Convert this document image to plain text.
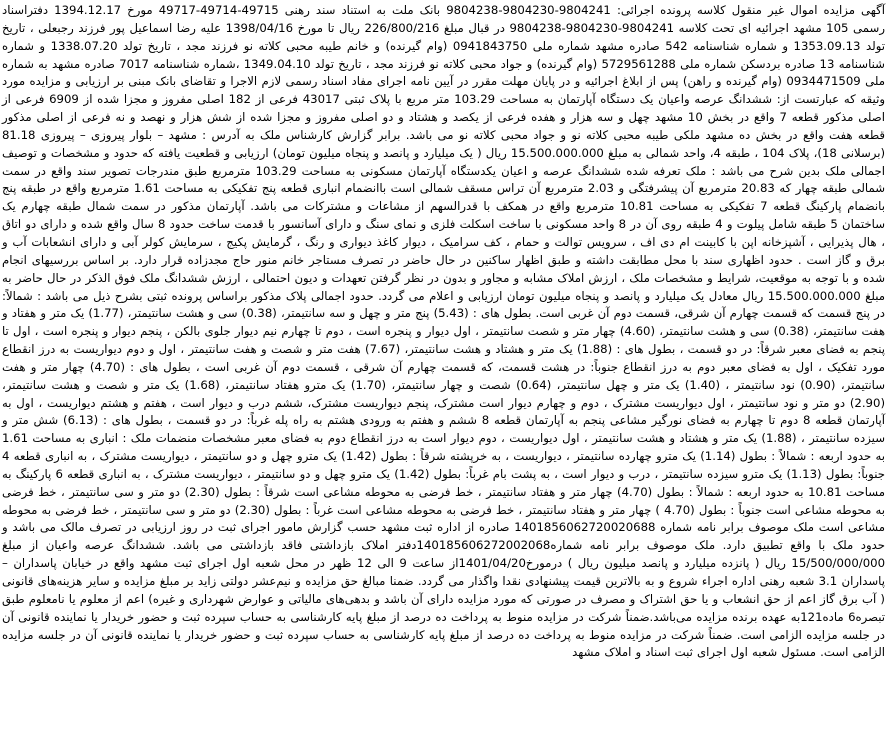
آگهی مزایده اموال غیر منقول کلاسه پرونده اجرائی: 9804241-9804230-9804238 بانک ملت به استناد سند رهنی 49715-49714-49717 مورخ 1394.12.17 دفتراسناد رسمی 105 مشهد اجرائیه ای تحت کلاسه 9804241-9804230-9804238 در قبال مبلغ 226/800/216 ریال تا مورخ 1398/04/16 علیه رضا اسماعیل پور فرزند رجبعلی ، تاریخ تولد 1353.09.13 و شماره شناسنامه 542 صادره مشهد شماره ملی 0941843750 (وام گیرنده) و خانم طیبه محبی کلاته نو فرزند مجد ، تاریخ تولد 1338.07.20 و شماره شناسنامه 13 صادره بردسکن شماره ملی 5729561288 (وام گیرنده) و جواد محبی کلاته نو فرزند مجد ، تاریخ تولد 1349.04.10 ،شماره شناسنامه 7017 صادره مشهد به شماره ملی 0934471509 (وام گیرنده و راهن) پس از ابلاغ اجرائیه و در پایان مهلت مقرر در آیین نامه اجرای مفاد اسناد رسمی لازم الاجرا و تقاضای بانک مبنی بر ارزیابی و مزایده مورد وثیقه که عبارتست از: ششدانگ عرصه واعیان یک دستگاه آپارتمان به مساحت 103.29 متر مربع با پلاک ثبتی 43017 فرعی از 182 اصلی مفروز و مجزا شده از 6909 فرعی از اصلی مذکور قطعه 7 واقع در بخش 10 مشهد چهل و سه هزار و هفده فرعی از یکصد و هشتاد و دو اصلی مفروز و مجزا شده از شش هزار و نهصد و نه فرعی از اصلی مذکور قطعه هفت واقع در بخش ده مشهد ملکی طیبه محبی کلاته نو و جواد محبی کلاته نو می باشد. برابر گزارش کارشناس ملک به آدرس : مشهد – بلوار پیروزی – پیروزی 81.18 (برسلانی 18)، پلاک 104 ، طبقه 4، واحد شمالی به مبلغ 15.500.000.000 ریال ( یک میلیارد و پانصد و پنجاه میلیون تومان) ارزیابی و قطعیت یافته که حدود و مشخصات و توصیف اجمالی ملک بدین شرح می باشد : ملک تعرفه شده ششدانگ عرصه و اعیان یکدستگاه آپارتمان مسکونی به مساحت 103.29 مترمربع طبق مندرجات تصویر سند واقع در سمت شمالی طبقه چهار که 20.83 مترمربع آن پیشرفتگی و 2.03 مترمربع آن تراس مسقف شمالی است باانضمام انباری قطعه پنج تفکیکی به مساحت 1.61 مترمربع واقع در طبقه پنج بانضمام پارکینگ قطعه 7 تفکیکی به مساحت 10.81 مترمربع واقع در همکف با قدرالسهم از مشاعات و مشترکات می باشد. آپارتمان مذکور در سمت شمال طبقه چهارم یک ساختمان 5 طبقه شامل پیلوت و 4 طبقه روی آن در 8 واحد مسکونی با ساخت اسکلت فلزی و نمای سنگ و دارای آسانسور با قدمت ساخت حدود 8 سال واقع شده و دارای دو اتاق ، هال پذیرایی ، آشپزخانه اپن با کابینت ام دی اف ، سرویس توالت و حمام ، کف سرامیک ، دیوار کاغذ دیواری و رنگ ، گرمایش پکیج ، سرمایش کولر آبی و دارای انشعابات آب و برق و گاز است . حدود اظهاری سند با محل مطابقت داشته و طبق اظهار ساکنین در حال حاضر در تصرف مستاجر خانم منور حاج مجدزاده قرار دارد. بر اساس بررسیهای انجام شده و با توجه به موقعیت، شرایط و مشخصات ملک ، ارزش املاک مشابه و مجاور و بدون در نظر گرفتن تعهدات و دیون احتمالی ، ارزش ششدانگ ملک فوق الذکر در حال حاضر به مبلغ 15.500.000.000 ریال معادل یک میلیارد و پانصد و پنجاه میلیون تومان ارزیابی و اعلام می گردد. حدود اجمالی پلاک مذکور براساس پرونده ثبتی بشرح ذیل می باشد : شمالاً: در پنج قسمت که قسمت چهارم آن شرقی، قسمت دوم آن غربی است. بطول های : (5.43) پنج متر و چهل و سه سانتیمتر، (0.38) سی و هشت سانتیمتر، (1.77) یک متر و هفتاد و هفت سانتیمتر، (0.38) سی و هشت سانتیمتر، (4.60) چهار متر و شصت سانتیمتر ، اول دیوار و پنجره است ، دوم تا چهارم نیم دیوار جلوی بالکن ، پنجم دیوار و پنجره است ، اول تا پنجم به فضای معبر شرقاً: در دو قسمت ، بطول های : (1.88) یک متر و هشتاد و هشت سانتیمتر، (7.67) هفت متر و شصت و هفت سانتیمتر ، اول و دوم دیواریست به درز انقطاع مورد تفکیک ، اول به فضای معبر دوم به درز انقطاع جنوباً: در هشت قسمت، که قسمت چهارم آن شرقی ، قسمت دوم آن غربی است ، بطول های : (4.70) چهار متر و هفت سانتیمتر، (0.90) نود سانتیمتر ، (1.40) یک متر و چهل سانتیمتر، (0.64) شصت و چهار سانتیمتر، (1.70) یک مترو هفتاد سانتیمتر، (1.68) یک متر و شصت و هشت سانتیمتر، (2.90) دو متر و نود سانتیمتر ، اول دیواریست مشترک ، دوم و چهارم دیوار است مشترک، پنجم دیواریست مشترک، ششم درب و دیوار است ، هفتم و هشتم دیواریست ، اول به آپارتمان قطعه 8 دوم تا چهارم به فضای نورگیر مشاعی پنجم به آپارتمان قطعه 8 ششم و هفتم به ورودی هشتم به راه پله غرباً: در دو قسمت ، بطول های : (6.13) شش متر و سیزده سانتیمتر ، (1.88) یک متر و هشتاد و هشت سانتیمتر ، اول دیواریست ، دوم دیوار است به درز انقطاع دوم به فضای معبر مشخصات منضمات ملک : انباری به مساحت 1.61 به حدود اربعه : شمالاً : بطول (1.14) یک مترو چهارده سانتیمتر ، دیواریست ، به خرپشته شرقاً : بطول (1.42) یک مترو چهل و دو سانتیمتر ، دیواریست مشترک ، به انباری قطعه 4 جنوباً: بطول (1.13) یک مترو سیزده سانتیمتر ، درب و دیوار است ، به پشت بام غرباً: بطول (1.42) یک مترو چهل و دو سانتیمتر ، دیواریست مشترک ، به انباری قطعه 6 پارکینگ به مساحت 10.81 به حدود اربعه : شمالاً : بطول (4.70) چهار متر و هفتاد سانتیمتر ، خط فرضی به محوطه مشاعی است شرقاً : بطول (2.30) دو متر و سی سانتیمتر ، خط فرضی به محوطه مشاعی است جنوباً : بطول (4.70 ) چهار متر و هفتاد سانتیمتر ، خط فرضی به محوطه مشاعی است غرباً : بطول (2.30) دو متر و سی سانتیمتر ، خط فرضی به محوطه مشاعی است ملک موصوف برابر نامه شماره 1401856062720020688 صادره از اداره ثبت مشهد حسب گزارش مامور اجرای ثبت در روز ارزیابی در تصرف مالک می باشد و حدود ملک با واقع تطبیق دارد. ملک موصوف برابر نامه شماره140185606272002068دفتر املاک بازداشتی فاقد بازداشتی می باشد. ششدانگ عرصه واعیان از مبلغ 15/500/000/000 ریال ( پانزده میلیارد و پانصد میلیون ریال ) درمورخ1401/04/20از ساعت 9 الی 12 ظهر در محل شعبه اول اجرای ثبت مشهد واقع در خیابان پاسداران – پاسداران 3.1 شعبه رهنی اداره اجراء شروع و به بالاترین قیمت پیشنهادی نقدا واگذار می گردد. ضمنا مبالغ حق مزایده و نیم‌عشر دولتی زاید بر مبلغ مزایده و سایر هزینه‌های قانونی ( آب برق گاز اعم از حق انشعاب و یا حق اشتراک و مصرف در صورتی که مورد مزایده دارای آن باشد و بدهی‌های مالیاتی و عوارض شهرداری و غیره) اعم از معلوم یا نامعلوم طبق تبصره6 ماده121به عهده برنده مزایده می‌باشد.ضمناً شرکت در مزایده منوط به پرداخت ده درصد از مبلغ پایه کارشناسی به حساب سپرده ثبت و حضور خریدار یا نماینده قانونی آن در جلسه مزایده الزامی است. ضمناً شرکت در مزایده منوط به پرداخت ده درصد از مبلغ پایه کارشناسی به حساب سپرده ثبت و حضور خریدار یا نماینده قانونی آن در جلسه مزایده الزامی است. مسئول شعبه اول اجرای ثبت اسناد و املاک مشهد
